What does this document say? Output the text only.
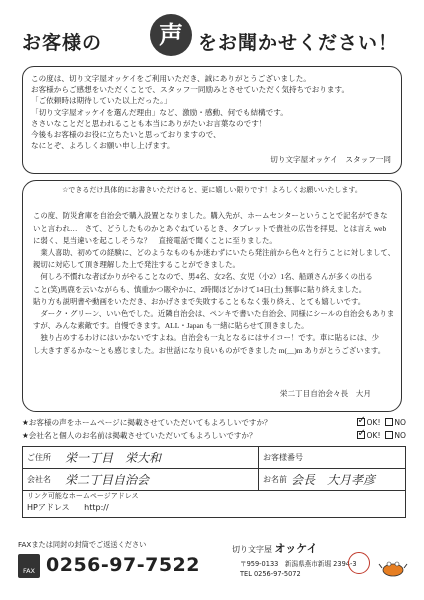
お客様の	声 をお聞かせください！

この度は、切り文字屋オッケイをご利用いただき、誠にありがとうございました。

お客様からご感想をいただくことで、スタッフ一同励みとさせていただく気持ちでおります。

「ご依頼時は期待していた以上だった。」

「切り文字屋オッケイを選んだ理由」など、激励・感動、何でも結構です。

ささいなことだと思われることも本当にありがたいお言葉なのです！

今後もお客様のお役に立ちたいと思っておりますので、

なにとぞ、よろしくお願い申し上げます。

切り文字屋オッケイ　スタッフ一同

☆できるだけ具体的にお書きいただけると、更に嬉しい限りです！よろしくお願いいたします。

この度、防災倉庫を自治会で購入設置となりました。購入先が、ホームセンターということで記名ができな

いと言われ…　さて、どうしたものかとあぐねているとき、タブレットで貴社の広告を拝見、とは言え web

に弱く、見当違いを起こしそうな？　直接電話で聞くことに至りました。

　業人喜助、初めての経験に、どのようなものもか迷わずにいたら発注前から色々と行うことに対しまして、

親切に対応して頂き理解した上で発注することができました。

　何しろ不慣れな者ばかりがやることなので、男4名、女2名、女児（小2）1名、船頭さんが多くの出る

こと(笑)馬鹿を云いながらも、慎重かつ賑やかに、2時間ほどかけて14日(土) 無事に貼り終えました。

貼り方も説明書や動画をいただき、おかげさまで失敗することもなく張り終え、とても嬉しいです。

　ダーク・グリーン、いい色でした。近隣自治会は、ペンキで書いた自治会、同様にシールの自治会もありま

すが、みんな素敵です。自慢できます。ALL・Japan も一緒に貼らせて頂きました。

　独り占めするわけにはいかないですよね。自治会も一丸となるにはサイコー！です。車に貼るには、少

し大きすぎるかな～とも感じました。お世話になり良いものができました m(__)m ありがとうございます。

栄二丁目自治会々長　大月
★お客様の声をホームページに掲載させていただいてもよろしいですか？ ✓	OK! NO
★会社名と個人のお名前は掲載させていただいてもよろしいですか？ ✓	OK! NO
ご住所	栄一丁目　栄大和	お客様番号
会社名	栄二丁目自治会	お名前 会長　大月孝彦
リンク可能なホームページアドレス
HPアドレス http://
FAXまたは同封の封筒でご返送ください
FAX 0256-97-7522
切り文字屋 オッケイ
〒959-0133　新潟県燕市新堀 2394-3
TEL 0256-97-5072
